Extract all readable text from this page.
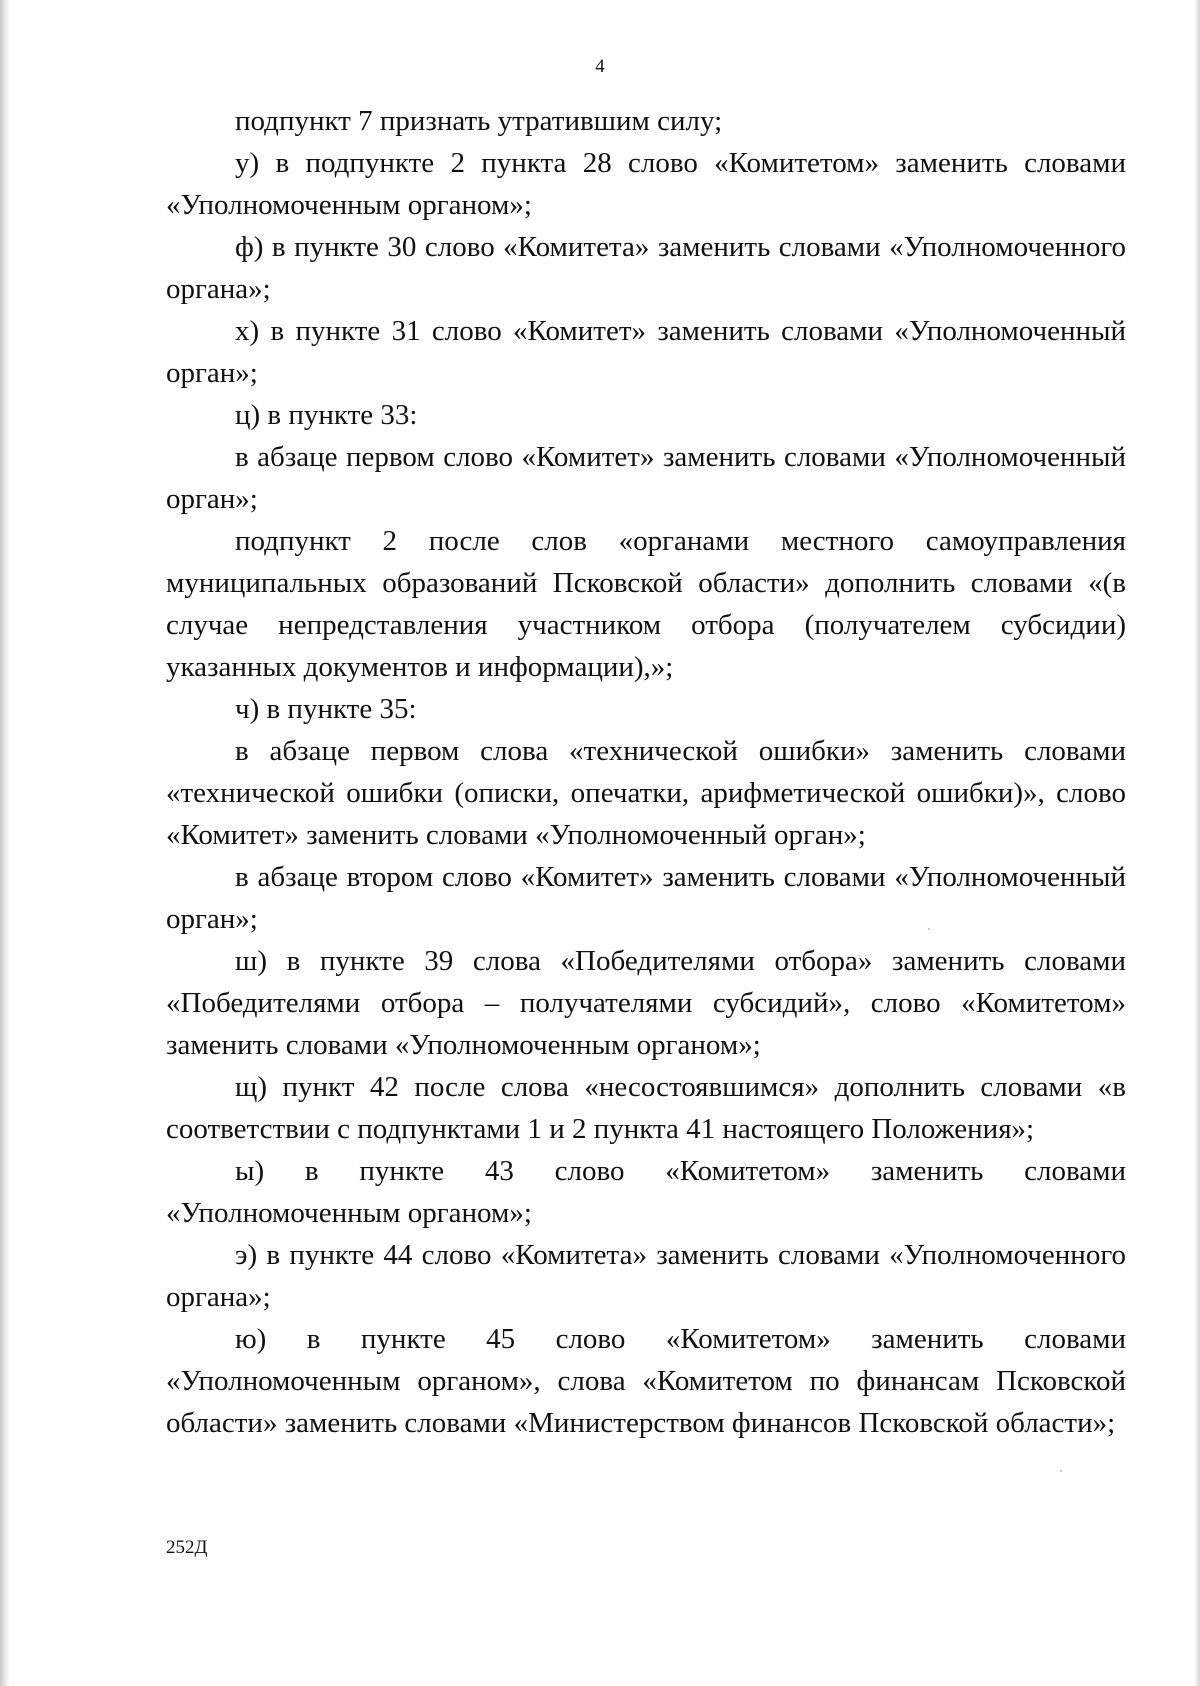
4

подпункт 7 признать утратившим силу;

у) в подпункте 2 пункта 28 слово «Комитетом» заменить словами «Уполномоченным органом»;

ф) в пункте 30 слово «Комитета» заменить словами «Уполномоченного органа»;

х) в пункте 31 слово «Комитет» заменить словами «Уполномоченный орган»;

ц) в пункте 33:

в абзаце первом слово «Комитет» заменить словами «Уполномоченный орган»;

подпункт 2 после слов «органами местного самоуправления муниципальных образований Псковской области» дополнить словами «(в случае непредставления участником отбора (получателем субсидии) указанных документов и информации),»;

ч) в пункте 35:

в абзаце первом слова «технической ошибки» заменить словами «технической ошибки (описки, опечатки, арифметической ошибки)», слово «Комитет» заменить словами «Уполномоченный орган»;

в абзаце втором слово «Комитет» заменить словами «Уполномоченный орган»;

ш) в пункте 39 слова «Победителями отбора» заменить словами «Победителями отбора – получателями субсидий», слово «Комитетом» заменить словами «Уполномоченным органом»;

щ) пункт 42 после слова «несостоявшимся» дополнить словами «в соответствии с подпунктами 1 и 2 пункта 41 настоящего Положения»;

ы) в пункте 43 слово «Комитетом» заменить словами «Уполномоченным органом»;

э) в пункте 44 слово «Комитета» заменить словами «Уполномоченного органа»;

ю) в пункте 45 слово «Комитетом» заменить словами «Уполномоченным органом», слова «Комитетом по финансам Псковской области» заменить словами «Министерством финансов Псковской области»;

252Д
